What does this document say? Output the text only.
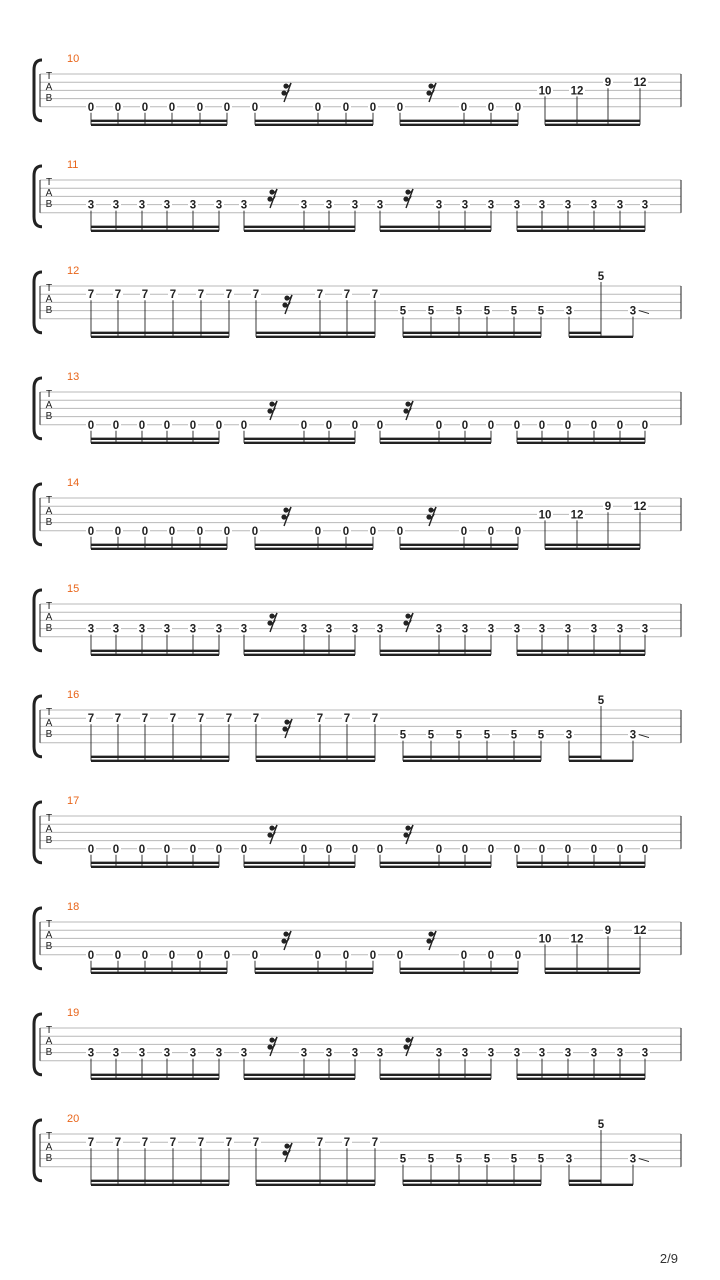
10
T
A
B
0 0 0 0 0 0 0	0 0 0 0	0 0 0
10 12
9 12
11
T
A
B	3 3 3 3 3 3 3	3 3 3 3	3 3 3 3 3 3 3 3 3
12
T
A
B
7 7 7 7 7 7 7	7 7 7
5 5 5 5 5 5 3
5
3
13
T
A
B
0 0 0 0 0 0 0	0 0 0 0	0 0 0 0 0 0 0 0 0
14
T
A
B
0 0 0 0 0 0 0	0 0 0 0	0 0 0
10 12
9 12
15
T
A
B	3 3 3 3 3 3 3	3 3 3 3	3 3 3 3 3 3 3 3 3
16
T
A
B
7 7 7 7 7 7 7	7 7 7
5 5 5 5 5 5 3
5
3
17
T
A
B
0 0 0 0 0 0 0	0 0 0 0	0 0 0 0 0 0 0 0 0
18
T
A
B
0 0 0 0 0 0 0	0 0 0 0	0 0 0
10 12
9 12
19
T
A
B	3 3 3 3 3 3 3	3 3 3 3	3 3 3 3 3 3 3 3 3
20
T
A
B
7 7 7 7 7 7 7	7 7 7
5 5 5 5 5 5 3
5
3
2/9
